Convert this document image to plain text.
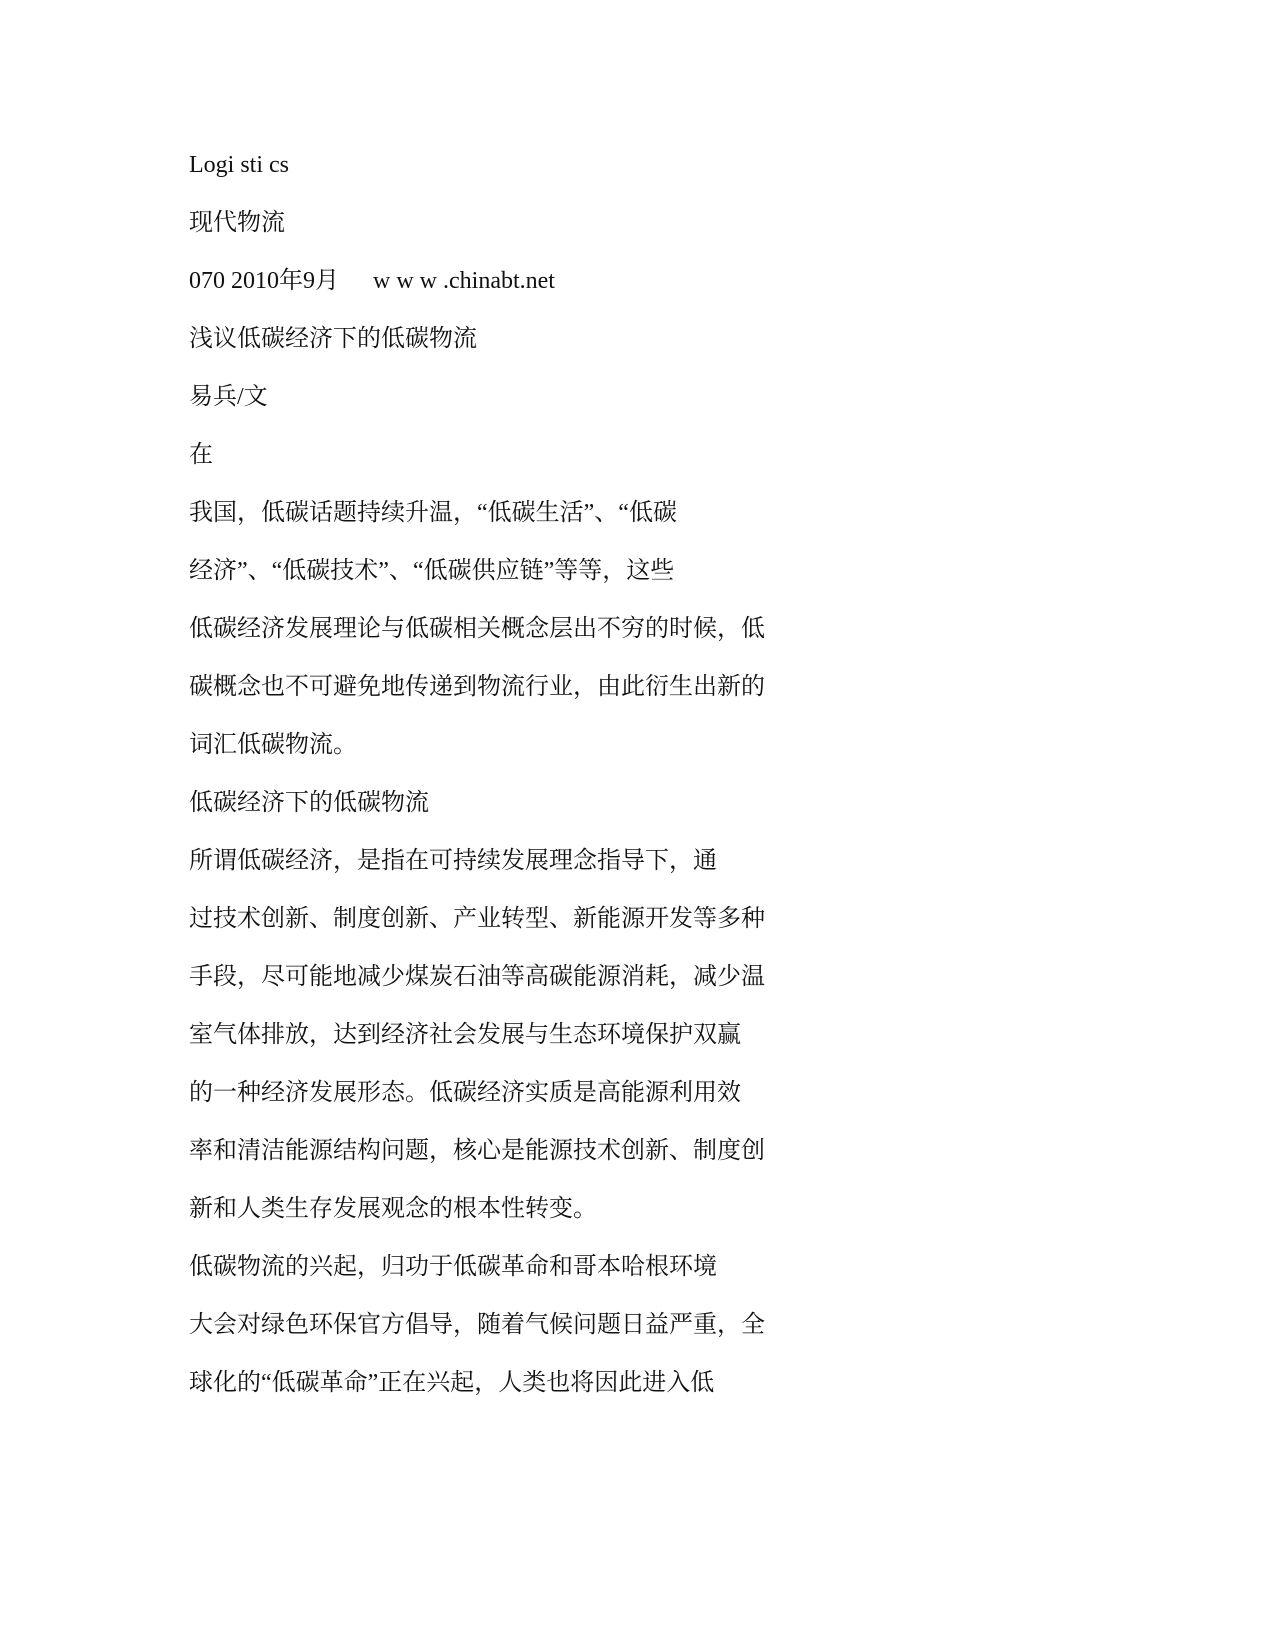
Logi sti cs

现代物流

070 2010年9月 w w w .chinabt.net

浅议低碳经济下的低碳物流

易兵/文

在

我国，低碳话题持续升温，“低碳生活”、“低碳

经济”、“低碳技术”、“低碳供应链”等等，这些

低碳经济发展理论与低碳相关概念层出不穷的时候，低

碳概念也不可避免地传递到物流行业，由此衍生出新的

词汇低碳物流。

低碳经济下的低碳物流

所谓低碳经济，是指在可持续发展理念指导下，通

过技术创新、制度创新、产业转型、新能源开发等多种

手段，尽可能地减少煤炭石油等高碳能源消耗，减少温

室气体排放，达到经济社会发展与生态环境保护双赢

的一种经济发展形态。低碳经济实质是高能源利用效

率和清洁能源结构问题，核心是能源技术创新、制度创

新和人类生存发展观念的根本性转变。

低碳物流的兴起，归功于低碳革命和哥本哈根环境

大会对绿色环保官方倡导，随着气候问题日益严重，全

球化的“低碳革命”正在兴起，人类也将因此进入低
